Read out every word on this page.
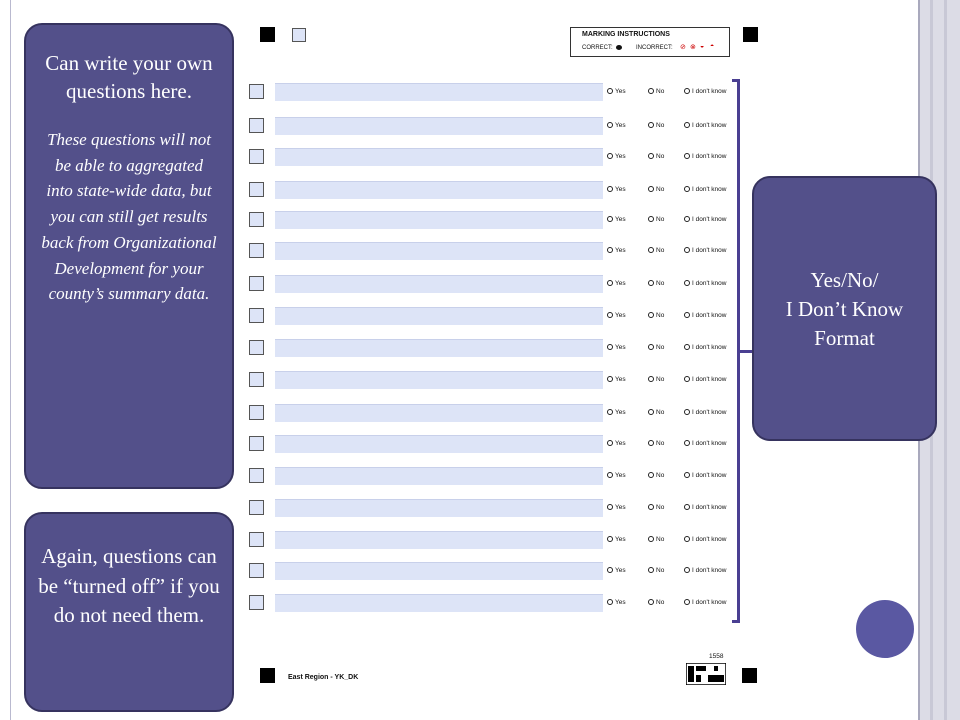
MARKING INSTRUCTIONS
CORRECT:	INCORRECT: ⊘ ⊗ ◒ ◓
Yes	No	I don't know
Yes	No	I don't know
Yes	No	I don't know
Yes	No	I don't know
Yes	No	I don't know
Yes	No	I don't know
Yes	No	I don't know
Yes	No	I don't know
Yes	No	I don't know
Yes	No	I don't know
Yes	No	I don't know
Yes	No	I don't know
Yes	No	I don't know
Yes	No	I don't know
Yes	No	I don't know
Yes	No	I don't know
Yes	No	I don't know
East Region - YK_DK
1558
Can write your own questions here.
These questions will not be able to aggregated into state-wide data, but you can still get results back from Organizational Development for your county’s summary data.
Again, questions can be “turned off” if you do not need them.
Yes/No/
I Don’t Know
Format
